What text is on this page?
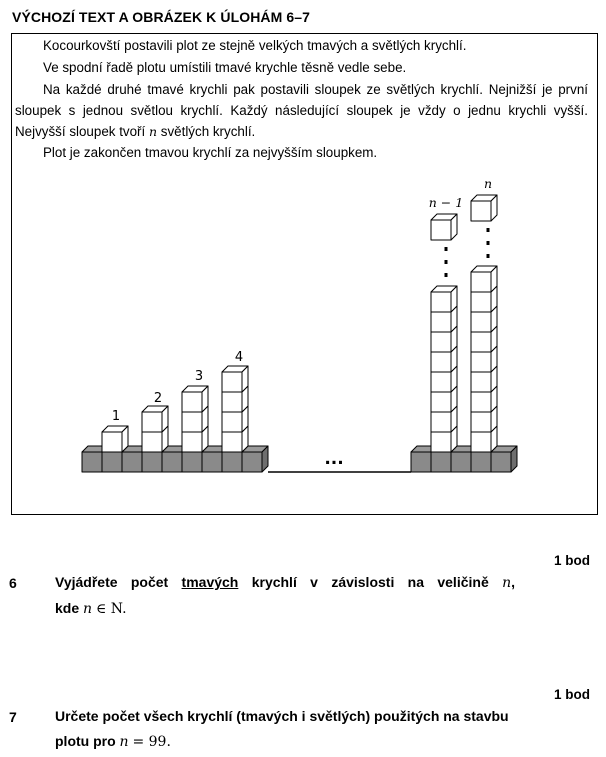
VÝCHOZÍ TEXT A OBRÁZEK K ÚLOHÁM 6–7
Kocourkovští postavili plot ze stejně velkých tmavých a světlých krychlí.
Ve spodní řadě plotu umístili tmavé krychle těsně vedle sebe.
Na každé druhé tmavé krychli pak postavili sloupek ze světlých krychlí. Nejnižší je první
sloupek s jednou světlou krychlí. Každý následující sloupek je vždy o jednu krychli vyšší.
Nejvyšší sloupek tvoří n světlých krychlí.
Plot je zakončen tmavou krychlí za nejvyšším sloupkem.
1
2
3
4
n − 1
n
...
1 bod
6	Vyjádřete počet tmavých krychlí v závislosti na veličině n,
kde n ∈ N.
1 bod
7	Určete počet všech krychlí (tmavých i světlých) použitých na stavbu
plotu pro n = 99.
